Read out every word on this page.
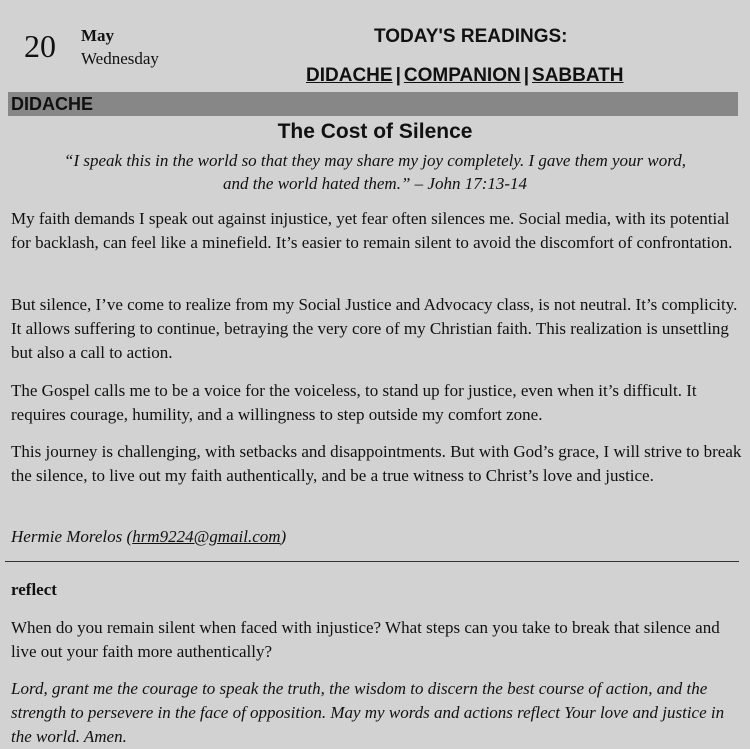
20 May
Wednesday
TODAY'S READINGS:
DIDACHE | COMPANION | SABBATH
DIDACHE
The Cost of Silence
“I speak this in the world so that they may share my joy completely. I gave them your word,
and the world hated them.” – John 17:13-14

My faith demands I speak out against injustice, yet fear often silences me. Social media, with its potential for backlash, can feel like a minefield. It’s easier to remain silent to avoid the discomfort of confrontation.

But silence, I’ve come to realize from my Social Justice and Advocacy class, is not neutral. It’s complicity. It allows suffering to continue, betraying the very core of my Christian faith. This realization is unsettling but also a call to action.

The Gospel calls me to be a voice for the voiceless, to stand up for justice, even when it’s difficult. It requires courage, humility, and a willingness to step outside my comfort zone.

This journey is challenging, with setbacks and disappointments. But with God’s grace, I will strive to break the silence, to live out my faith authentically, and be a true witness to Christ’s love and justice.

Hermie Morelos (hrm9224@gmail.com)
reflect

When do you remain silent when faced with injustice? What steps can you take to break that silence and live out your faith more authentically?

Lord, grant me the courage to speak the truth, the wisdom to discern the best course of action, and the strength to persevere in the face of opposition. May my words and actions reflect Your love and justice in the world. Amen.
